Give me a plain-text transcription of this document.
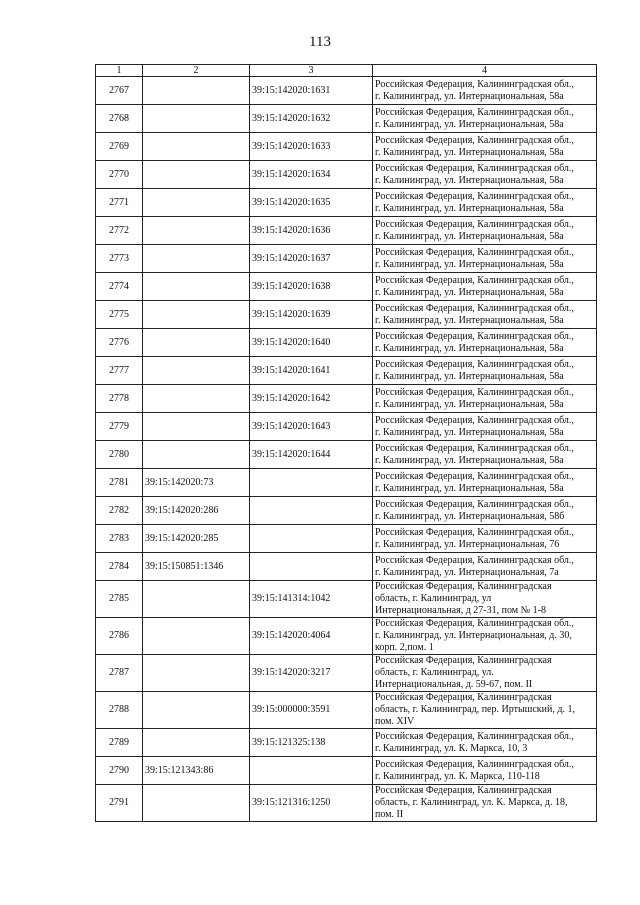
113
1	2	3	4
2767		39:15:142020:1631	Российская Федерация, Калининградская обл.,
г. Калининград, ул. Интернациональная, 58а

2768		39:15:142020:1632	Российская Федерация, Калининградская обл.,
г. Калининград, ул. Интернациональная, 58а

2769		39:15:142020:1633	Российская Федерация, Калининградская обл.,
г. Калининград, ул. Интернациональная, 58а

2770		39:15:142020:1634	Российская Федерация, Калининградская обл.,
г. Калининград, ул. Интернациональная, 58а

2771		39:15:142020:1635	Российская Федерация, Калининградская обл.,
г. Калининград, ул. Интернациональная, 58а

2772		39:15:142020:1636	Российская Федерация, Калининградская обл.,
г. Калининград, ул. Интернациональная, 58а

2773		39:15:142020:1637	Российская Федерация, Калининградская обл.,
г. Калининград, ул. Интернациональная, 58а

2774		39:15:142020:1638	Российская Федерация, Калининградская обл.,
г. Калининград, ул. Интернациональная, 58а

2775		39:15:142020:1639	Российская Федерация, Калининградская обл.,
г. Калининград, ул. Интернациональная, 58а

2776		39:15:142020:1640	Российская Федерация, Калининградская обл.,
г. Калининград, ул. Интернациональная, 58а

2777		39:15:142020:1641	Российская Федерация, Калининградская обл.,
г. Калининград, ул. Интернациональная, 58а

2778		39:15:142020:1642	Российская Федерация, Калининградская обл.,
г. Калининград, ул. Интернациональная, 58а

2779		39:15:142020:1643	Российская Федерация, Калининградская обл.,
г. Калининград, ул. Интернациональная, 58а

2780		39:15:142020:1644	Российская Федерация, Калининградская обл.,
г. Калининград, ул. Интернациональная, 58а

2781	39:15:142020:73		Российская Федерация, Калининградская обл.,
г. Калининград, ул. Интернациональная, 58а

2782	39:15:142020:286		Российская Федерация, Калининградская обл.,
г. Калининград, ул. Интернациональная, 58б

2783	39:15:142020:285		Российская Федерация, Калининградская обл.,
г. Калининград, ул. Интернациональная, 76

2784	39:15:150851:1346		Российская Федерация, Калининградская обл.,
г. Калининград, ул. Интернациональная, 7а

2785		39:15:141314:1042	Российская Федерация, Калининградская
область, г. Калининград, ул
Интернациональная, д 27-31, пом № 1-8

2786		39:15:142020:4064	Российская Федерация, Калининградская обл.,
г. Калининград, ул. Интернациональная, д. 30,
корп. 2,пом. 1

2787		39:15:142020:3217	Российская Федерация, Калининградская
область, г. Калининград, ул.
Интернациональная, д. 59-67, пом. II

2788		39:15:000000:3591	Российская Федерация, Калининградская
область, г. Калининград, пер. Иртышский, д. 1,
пом. XIV

2789		39:15:121325:138	Российская Федерация, Калининградская обл.,
г. Калининград, ул. К. Маркса, 10, 3

2790	39:15:121343:86		Российская Федерация, Калининградская обл.,
г. Калининград, ул. К. Маркса, 110-118

2791		39:15:121316:1250	Российская Федерация, Калининградская
область, г. Калининград, ул. К. Маркса, д. 18,
пом. II
